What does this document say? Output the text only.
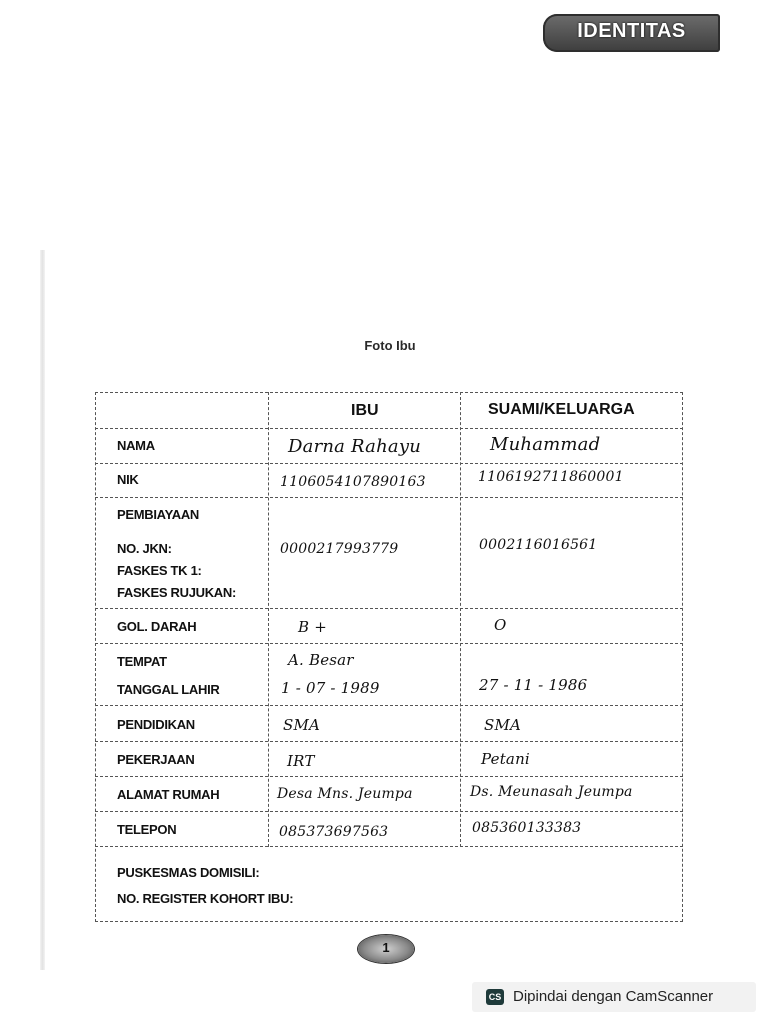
IDENTITAS
Foto Ibu
IBU	SUAMI/KELUARGA
NAMA
NIK
PEMBIAYAAN
NO. JKN:
FASKES TK 1:
FASKES RUJUKAN:
GOL. DARAH
TEMPAT
TANGGAL LAHIR
PENDIDIKAN
PEKERJAAN
ALAMAT RUMAH
TELEPON
PUSKESMAS DOMISILI:
NO. REGISTER KOHORT IBU:
Darna Rahayu
1106054107890163
0000217993779
B +
A. Besar
1 - 07 - 1989
SMA
IRT
Desa Mns. Jeumpa
085373697563
Muhammad
1106192711860001
0002116016561
O
27 - 11 - 1986
SMA
Petani
Ds. Meunasah Jeumpa
085360133383
1
CS Dipindai dengan CamScanner
